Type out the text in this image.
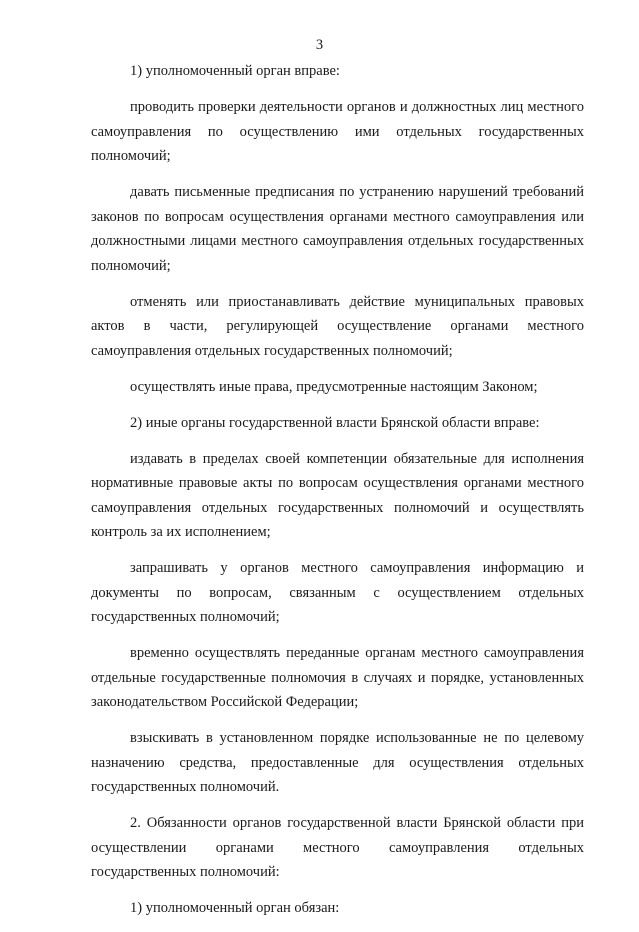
3

1) уполномоченный орган вправе:

проводить проверки деятельности органов и должностных лиц местного самоуправления по осуществлению ими отдельных государственных полномочий;

давать письменные предписания по устранению нарушений требований законов по вопросам осуществления органами местного самоуправления или должностными лицами местного самоуправления отдельных государственных полномочий;

отменять или приостанавливать действие муниципальных правовых актов в части, регулирующей осуществление органами местного самоуправления отдельных государственных полномочий;

осуществлять иные права, предусмотренные настоящим Законом;

2) иные органы государственной власти Брянской области вправе:

издавать в пределах своей компетенции обязательные для исполнения нормативные правовые акты по вопросам осуществления органами местного самоуправления отдельных государственных полномочий и осуществлять контроль за их исполнением;

запрашивать у органов местного самоуправления информацию и документы по вопросам, связанным с осуществлением отдельных государственных полномочий;

временно осуществлять переданные органам местного самоуправления отдельные государственные полномочия в случаях и порядке, установленных законодательством Российской Федерации;

взыскивать в установленном порядке использованные не по целевому назначению средства, предоставленные для осуществления отдельных государственных полномочий.

2. Обязанности органов государственной власти Брянской области при осуществлении органами местного самоуправления отдельных государственных полномочий:

1) уполномоченный орган обязан:
